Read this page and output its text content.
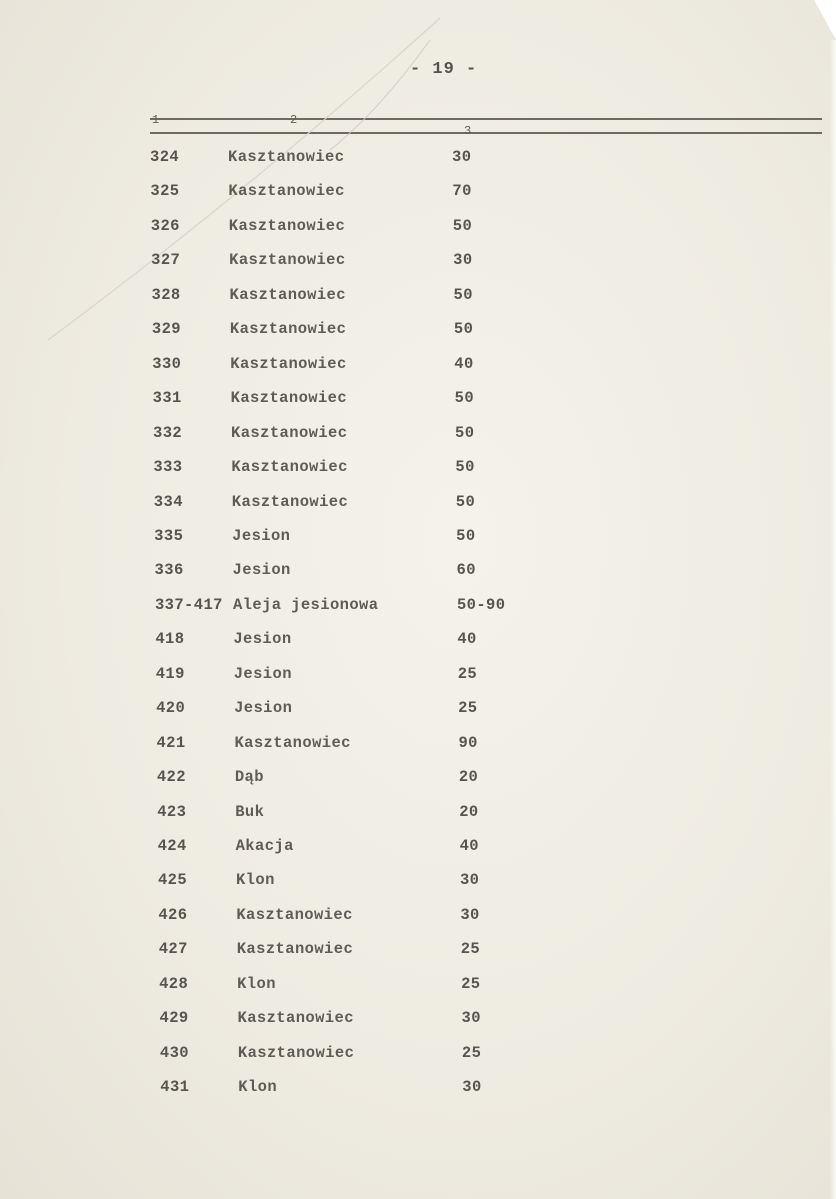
- 19 -
1	2
3
324	Kasztanowiec	30
325	Kasztanowiec	70
326	Kasztanowiec	50
327	Kasztanowiec	30
328	Kasztanowiec	50
329	Kasztanowiec	50
330	Kasztanowiec	40
331	Kasztanowiec	50
332	Kasztanowiec	50
333	Kasztanowiec	50
334	Kasztanowiec	50
335	Jesion	50
336	Jesion	60
337-417 Aleja jesionowa	50-90
418	Jesion	40
419	Jesion	25
420	Jesion	25
421	Kasztanowiec	90
422	Dąb	20
423	Buk	20
424	Akacja	40
425	Klon	30
426	Kasztanowiec	30
427	Kasztanowiec	25
428	Klon	25
429	Kasztanowiec	30
430	Kasztanowiec	25
431	Klon	30
